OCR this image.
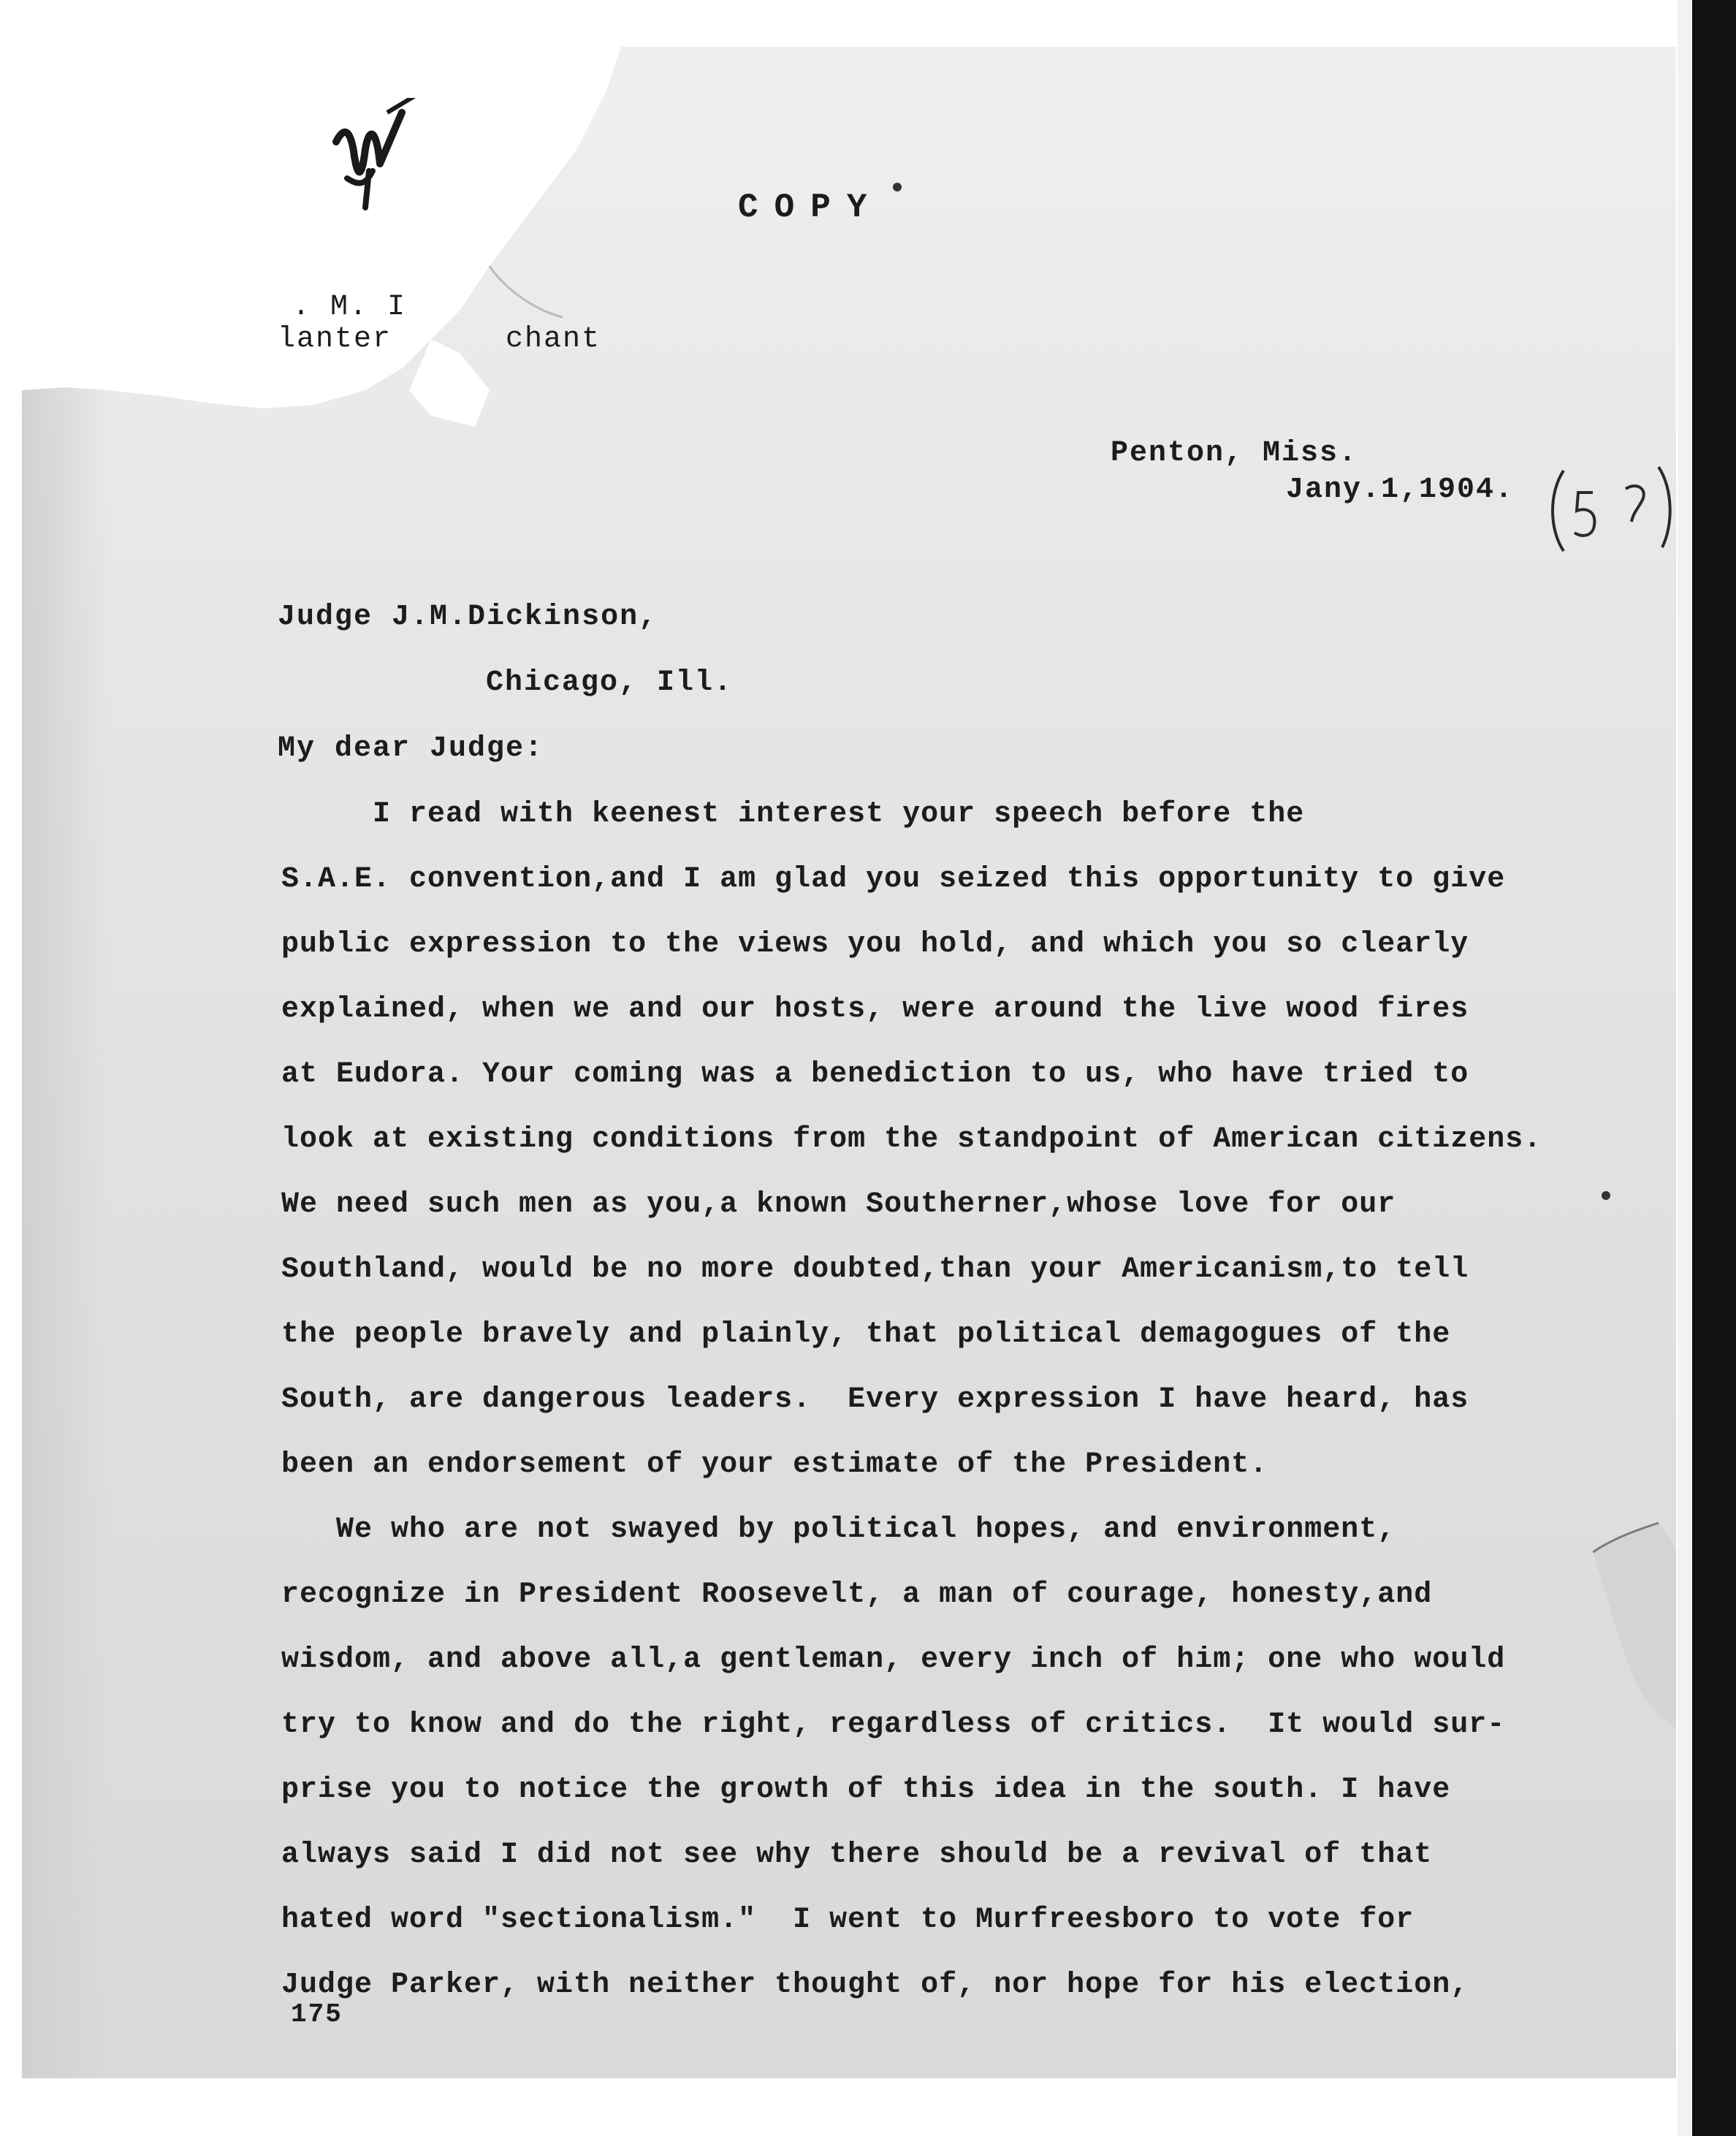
COPY

. M. I

lanter      chant

Penton, Miss.

Jany.1,1904.

Judge J.M.Dickinson,

Chicago, Ill.

My dear Judge:

I read with keenest interest your speech before the

S.A.E. convention,and I am glad you seized this opportunity to give

public expression to the views you hold, and which you so clearly

explained, when we and our hosts, were around the live wood fires

at Eudora. Your coming was a benediction to us, who have tried to

look at existing conditions from the standpoint of American citizens.

We need such men as you,a known Southerner,whose love for our

Southland, would be no more doubted,than your Americanism,to tell

the people bravely and plainly, that political demagogues of the

South, are dangerous leaders.  Every expression I have heard, has

been an endorsement of your estimate of the President.

We who are not swayed by political hopes, and environment,

recognize in President Roosevelt, a man of courage, honesty,and

wisdom, and above all,a gentleman, every inch of him; one who would

try to know and do the right, regardless of critics.  It would sur-

prise you to notice the growth of this idea in the south. I have

always said I did not see why there should be a revival of that

hated word "sectionalism."  I went to Murfreesboro to vote for

Judge Parker, with neither thought of, nor hope for his election,

175
